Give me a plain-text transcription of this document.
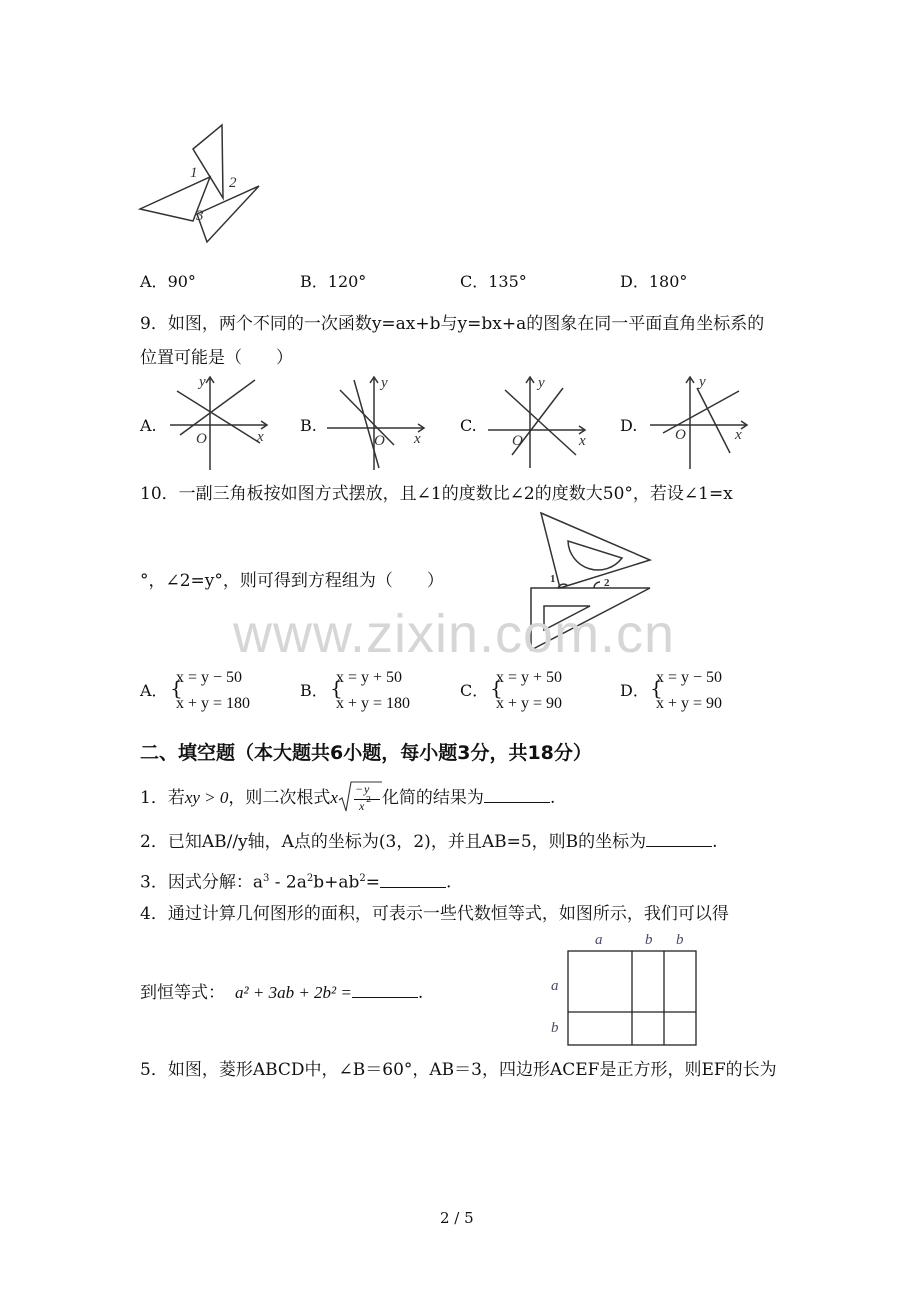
1
2
3
A．90°	B．120°	C．135°	D．180°
9．如图，两个不同的一次函数y=ax+b与y=bx+a的图象在同一平面直角坐标系的
位置可能是（　　）
A.
y
x
O
B.
y
x
O
C.
y
x
O
D.
y
x
O
10．一副三角板按如图方式摆放，且∠1的度数比∠2的度数大50°，若设∠1=x
°，∠2=y°，则可得到方程组为（　　）	1	2
www.zixin.com.cn
A． {
x = y − 50
x + y = 180
B． {
x = y + 50
x + y = 180
C． {
x = y + 50
x + y = 90
D． {
x = y − 50
x + y = 90
二、填空题（本大题共6小题，每小题3分，共18分）
1．若xy > 0，则二次根式x − y
x 2 化简的结果为	.
2．已知AB//y轴，A点的坐标为(3，2)，并且AB=5，则B的坐标为	.
3．因式分解：$a^3 - 2a^2b+ab^2=$	.
4．通过计算几何图形的面积，可表示一些代数恒等式，如图所示，我们可以得
到恒等式： a² + 3ab + 2b² =	.
a	b b
a
b
5．如图，菱形ABCD中，∠B＝60°，AB＝3，四边形ACEF是正方形，则EF的长为
2 / 5
